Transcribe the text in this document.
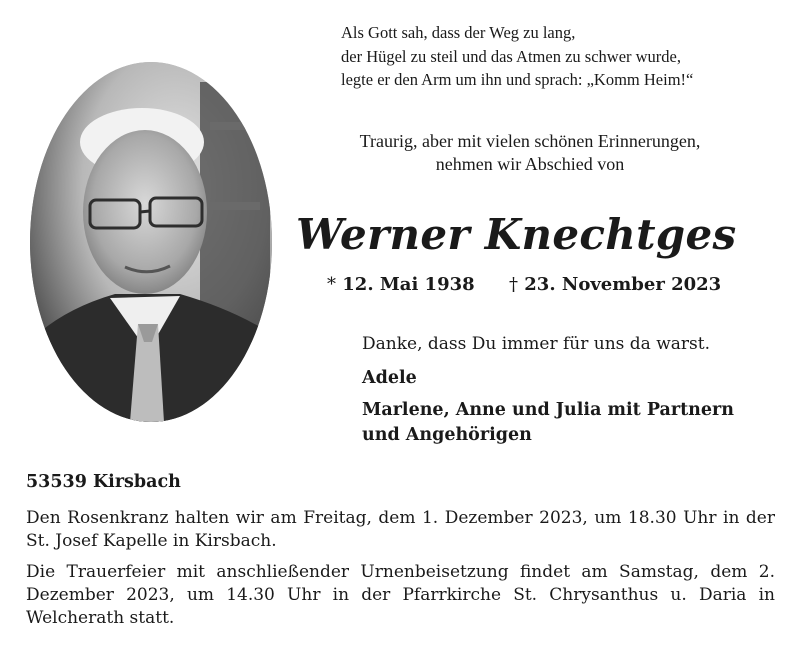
Als Gott sah, dass der Weg zu lang,
der Hügel zu steil und das Atmen zu schwer wurde,
legte er den Arm um ihn und sprach: „Komm Heim!“
Traurig, aber mit vielen schönen Erinnerungen,
nehmen wir Abschied von
Werner Knechtges
* 12. Mai 1938 † 23. November 2023
Danke, dass Du immer für uns da warst.
Adele
Marlene, Anne und Julia mit Partnern
und Angehörigen
53539 Kirsbach
Den Rosenkranz halten wir am Freitag, dem 1. Dezember 2023, um 18.30 Uhr in der St. Josef Kapelle in Kirsbach.
Die Trauerfeier mit anschließender Urnenbeisetzung findet am Samstag, dem 2. Dezember 2023, um 14.30 Uhr in der Pfarrkirche St. Chrysanthus u. Daria in Welcherath statt.
